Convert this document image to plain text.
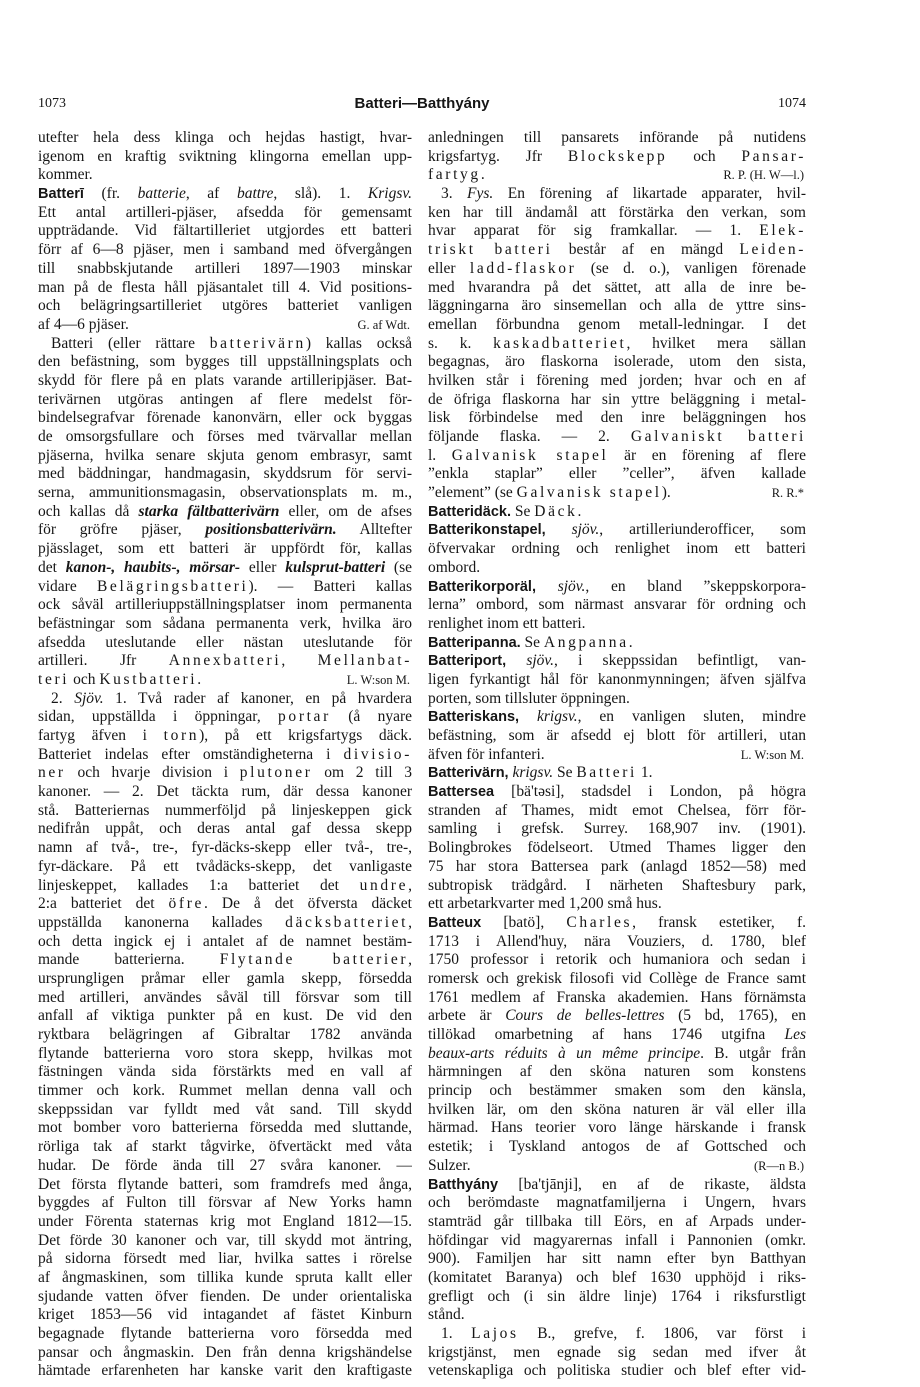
1073	Batteri—Batthyány	1074
utefter hela dess klinga och hejdas hastigt, hvar-
igenom en kraftig sviktning klingorna emellan upp-
kommer.
Batterī (fr. batterie, af battre, slå). 1. Krigsv.
Ett antal artilleri-pjäser, afsedda för gemensamt
uppträdande. Vid fältartilleriet utgjordes ett batteri
förr af 6—8 pjäser, men i samband med öfvergången
till snabbskjutande artilleri 1897—1903 minskar
man på de flesta håll pjäsantalet till 4. Vid positions-
och belägringsartilleriet utgöres batteriet vanligen
af 4—6 pjäser.	G. af Wdt.
Batteri (eller rättare batterivärn) kallas också
den befästning, som bygges till uppställningsplats och
skydd för flere på en plats varande artilleripjäser. Bat-
terivärnen utgöras antingen af flere medelst för-
bindelsegrafvar förenade kanonvärn, eller ock byggas
de omsorgsfullare och förses med tvärvallar mellan
pjäserna, hvilka senare skjuta genom embrasyr, samt
med bäddningar, handmagasin, skyddsrum för servi-
serna, ammunitionsmagasin, observationsplats m. m.,
och kallas då starka fältbatterivärn eller, om de afses
för gröfre pjäser, positionsbatterivärn. Alltefter
pjässlaget, som ett batteri är uppfördt för, kallas
det kanon-, haubits-, mörsar- eller kulsprut-batteri (se
vidare Belägringsbatteri). — Batteri kallas
ock såväl artilleriuppställningsplatser inom permanenta
befästningar som sådana permanenta verk, hvilka äro
afsedda uteslutande eller nästan uteslutande för
artilleri. Jfr Annexbatteri, Mellanbat-
teri och Kustbatteri.	L. W:son M.
2. Sjöv. 1. Två rader af kanoner, en på hvardera
sidan, uppställda i öppningar, portar (å nyare
fartyg äfven i torn), på ett krigsfartygs däck.
Batteriet indelas efter omständigheterna i divisio-
ner och hvarje division i plutoner om 2 till 3
kanoner. — 2. Det täckta rum, där dessa kanoner
stå. Batteriernas nummerföljd på linjeskeppen gick
nedifrån uppåt, och deras antal gaf dessa skepp
namn af två-, tre-, fyr-däcks-skepp eller två-, tre-,
fyr-däckare. På ett tvådäcks-skepp, det vanligaste
linjeskeppet, kallades 1:a batteriet det undre,
2:a batteriet det öfre. De å det öfversta däcket
uppställda kanonerna kallades däcksbatteriet,
och detta ingick ej i antalet af de namnet bestäm-
mande batterierna. Flytande batterier,
ursprungligen pråmar eller gamla skepp, försedda
med artilleri, användes såväl till försvar som till
anfall af viktiga punkter på en kust. De vid den
ryktbara belägringen af Gibraltar 1782 använda
flytande batterierna voro stora skepp, hvilkas mot
fästningen vända sida förstärkts med en vall af
timmer och kork. Rummet mellan denna vall och
skeppssidan var fylldt med våt sand. Till skydd
mot bomber voro batterierna försedda med sluttande,
rörliga tak af starkt tågvirke, öfvertäckt med våta
hudar. De förde ända till 27 svåra kanoner. —
Det första flytande batteri, som framdrefs med ånga,
byggdes af Fulton till försvar af New Yorks hamn
under Förenta staternas krig mot England 1812—15.
Det förde 30 kanoner och var, till skydd mot äntring,
på sidorna försedt med liar, hvilka sattes i rörelse
af ångmaskinen, som tillika kunde spruta kallt eller
sjudande vatten öfver fienden. De under orientaliska
kriget 1853—56 vid intagandet af fästet Kinburn
begagnade flytande batterierna voro försedda med
pansar och ångmaskin. Den från denna krigshändelse
hämtade erfarenheten har kanske varit den kraftigaste
anledningen till pansarets införande på nutidens
krigsfartyg. Jfr Blockskepp och Pansar-
fartyg.	R. P. (H. W—l.)
3. Fys. En förening af likartade apparater, hvil-
ken har till ändamål att förstärka den verkan, som
hvar apparat för sig framkallar. — 1. Elek-
triskt batteri består af en mängd Leiden-
eller ladd-flaskor (se d. o.), vanligen förenade
med hvarandra på det sättet, att alla de inre be-
läggningarna äro sinsemellan och alla de yttre sins-
emellan förbundna genom metall-ledningar. I det
s. k. kaskadbatteriet, hvilket mera sällan
begagnas, äro flaskorna isolerade, utom den sista,
hvilken står i förening med jorden; hvar och en af
de öfriga flaskorna har sin yttre beläggning i metal-
lisk förbindelse med den inre beläggningen hos
följande flaska. — 2. Galvaniskt batteri
l. Galvanisk stapel är en förening af flere
”enkla staplar” eller ”celler”, äfven kallade
”element” (se Galvanisk stapel).	R. R.*
Batteridäck. Se Däck.
Batterikonstapel, sjöv., artilleriunderofficer, som
öfvervakar ordning och renlighet inom ett batteri
ombord.
Batterikorporäl, sjöv., en bland ”skeppskorpora-
lerna” ombord, som närmast ansvarar för ordning och
renlighet inom ett batteri.
Batteripanna. Se Angpanna.
Batteriport, sjöv., i skeppssidan befintligt, van-
ligen fyrkantigt hål för kanonmynningen; äfven själfva
porten, som tillsluter öppningen.
Batteriskans, krigsv., en vanligen sluten, mindre
befästning, som är afsedd ej blott för artilleri, utan
äfven för infanteri.	L. W:son M.
Batterivärn, krigsv. Se Batteri 1.
Battersea [bä'təsi], stadsdel i London, på högra
stranden af Thames, midt emot Chelsea, förr för-
samling i grefsk. Surrey. 168,907 inv. (1901).
Bolingbrokes födelseort. Utmed Thames ligger den
75 har stora Battersea park (anlagd 1852—58) med
subtropisk trädgård. I närheten Shaftesbury park,
ett arbetarkvarter med 1,200 små hus.
Batteux [batö], Charles, fransk estetiker, f.
1713 i Allend'huy, nära Vouziers, d. 1780, blef
1750 professor i retorik och humaniora och sedan i
romersk och grekisk filosofi vid Collège de France samt
1761 medlem af Franska akademien. Hans förnämsta
arbete är Cours de belles-lettres (5 bd, 1765), en
tillökad omarbetning af hans 1746 utgifna Les
beaux-arts réduits à un même principe. B. utgår från
härmningen af den sköna naturen som konstens
princip och bestämmer smaken som den känsla,
hvilken lär, om den sköna naturen är väl eller illa
härmad. Hans teorier voro länge härskande i fransk
estetik; i Tyskland antogos de af Gottsched och
Sulzer.	(R—n B.)
Batthyány [ba'tjānji], en af de rikaste, äldsta
och berömdaste magnatfamiljerna i Ungern, hvars
stamträd går tillbaka till Eörs, en af Arpads under-
höfdingar vid magyarernas infall i Pannonien (omkr.
900). Familjen har sitt namn efter byn Batthyan
(komitatet Baranya) och blef 1630 upphöjd i riks-
grefligt och (i sin äldre linje) 1764 i riksfurstligt
stånd.
1. Lajos B., grefve, f. 1806, var först i
krigstjänst, men egnade sig sedan med ifver åt
vetenskapliga och politiska studier och blef efter vid-
